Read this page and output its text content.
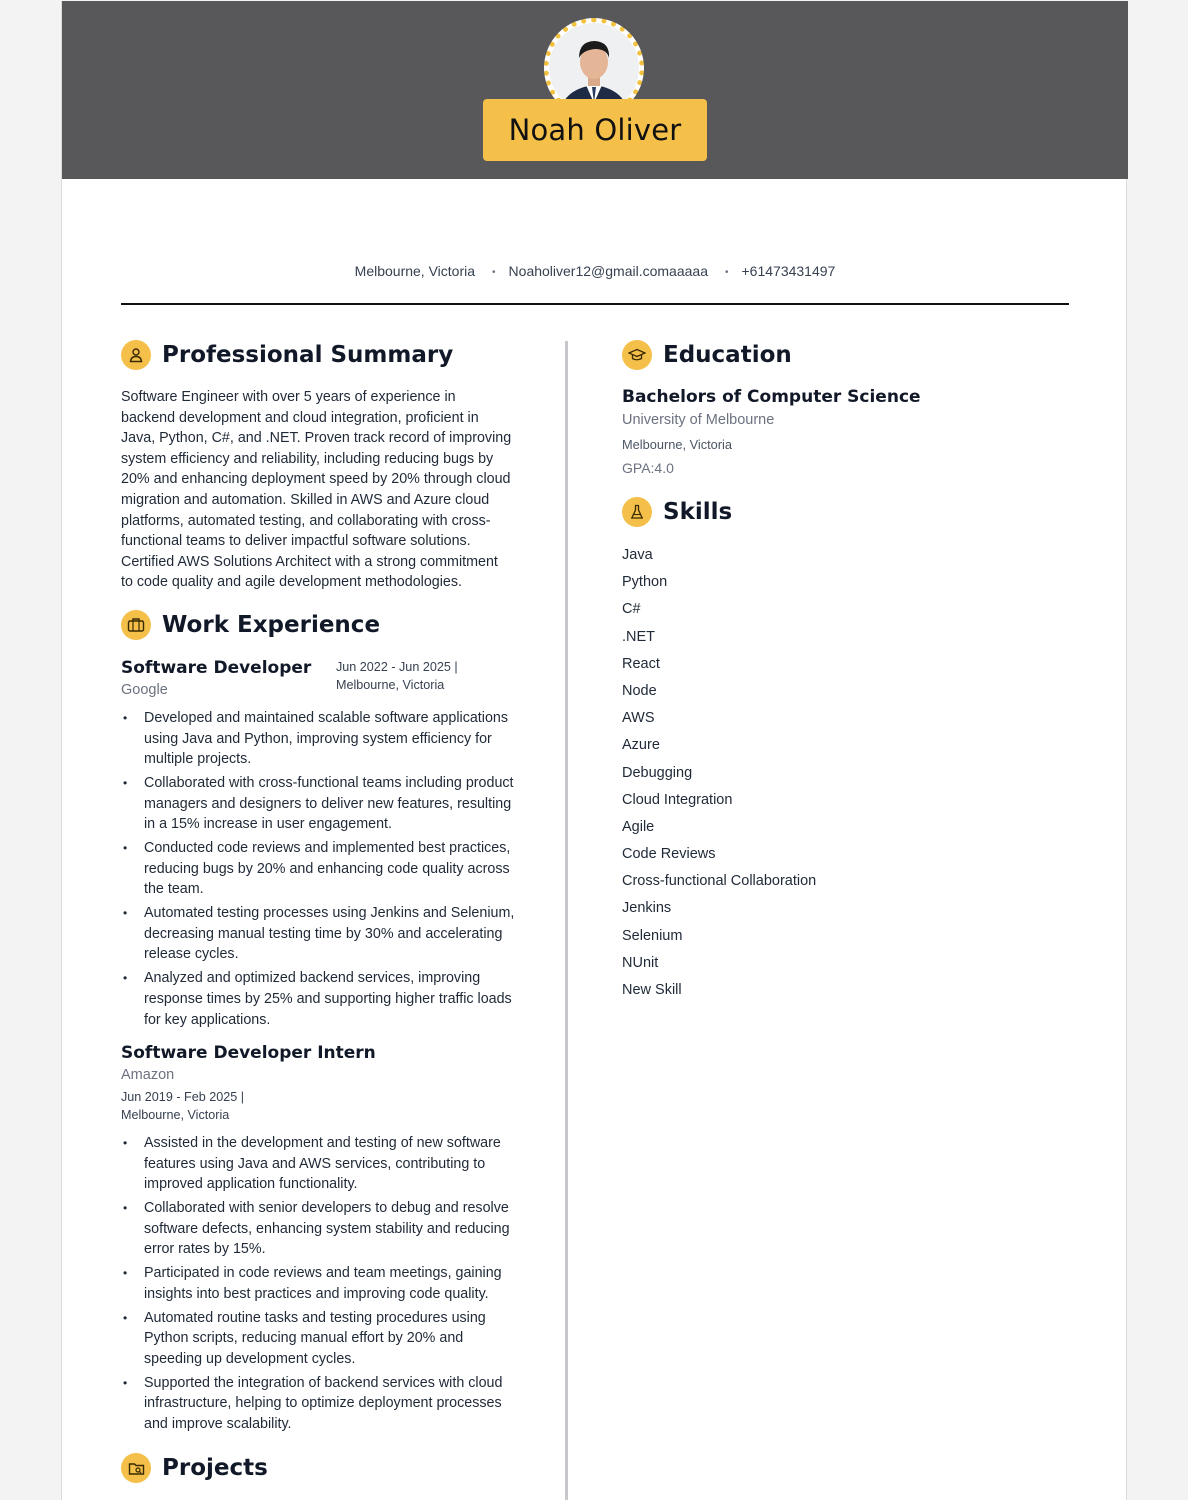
Noah Oliver
Melbourne, Victoria • Noaholiver12@gmail.comaaaaa • +61473431497
Professional Summary

Software Engineer with over 5 years of experience in backend development and cloud integration, proficient in Java, Python, C#, and .NET. Proven track record of improving system efficiency and reliability, including reducing bugs by 20% and enhancing deployment speed by 20% through cloud migration and automation. Skilled in AWS and Azure cloud platforms, automated testing, and collaborating with cross-functional teams to deliver impactful software solutions. Certified AWS Solutions Architect with a strong commitment to code quality and agile development methodologies.

Work Experience
Software Developer
Google
Jun 2022 - Jun 2025 |
Melbourne, Victoria
• Developed and maintained scalable software applications using Java and Python, improving system efficiency for multiple projects.
• Collaborated with cross-functional teams including product managers and designers to deliver new features, resulting in a 15% increase in user engagement.
• Conducted code reviews and implemented best practices, reducing bugs by 20% and enhancing code quality across the team.
• Automated testing processes using Jenkins and Selenium, decreasing manual testing time by 30% and accelerating release cycles.
• Analyzed and optimized backend services, improving response times by 25% and supporting higher traffic loads for key applications.
Software Developer Intern
Amazon
Jun 2019 - Feb 2025 |
Melbourne, Victoria
• Assisted in the development and testing of new software features using Java and AWS services, contributing to improved application functionality.
• Collaborated with senior developers to debug and resolve software defects, enhancing system stability and reducing error rates by 15%.
• Participated in code reviews and team meetings, gaining insights into best practices and improving code quality.
• Automated routine tasks and testing procedures using Python scripts, reducing manual effort by 20% and speeding up development cycles.
• Supported the integration of backend services with cloud infrastructure, helping to optimize deployment processes and improve scalability.
Projects
Education
Bachelors of Computer Science
University of Melbourne
Melbourne, Victoria
GPA:4.0
Skills
Java
Python
C#
.NET
React
Node
AWS
Azure
Debugging
Cloud Integration
Agile
Code Reviews
Cross-functional Collaboration
Jenkins
Selenium
NUnit
New Skill
